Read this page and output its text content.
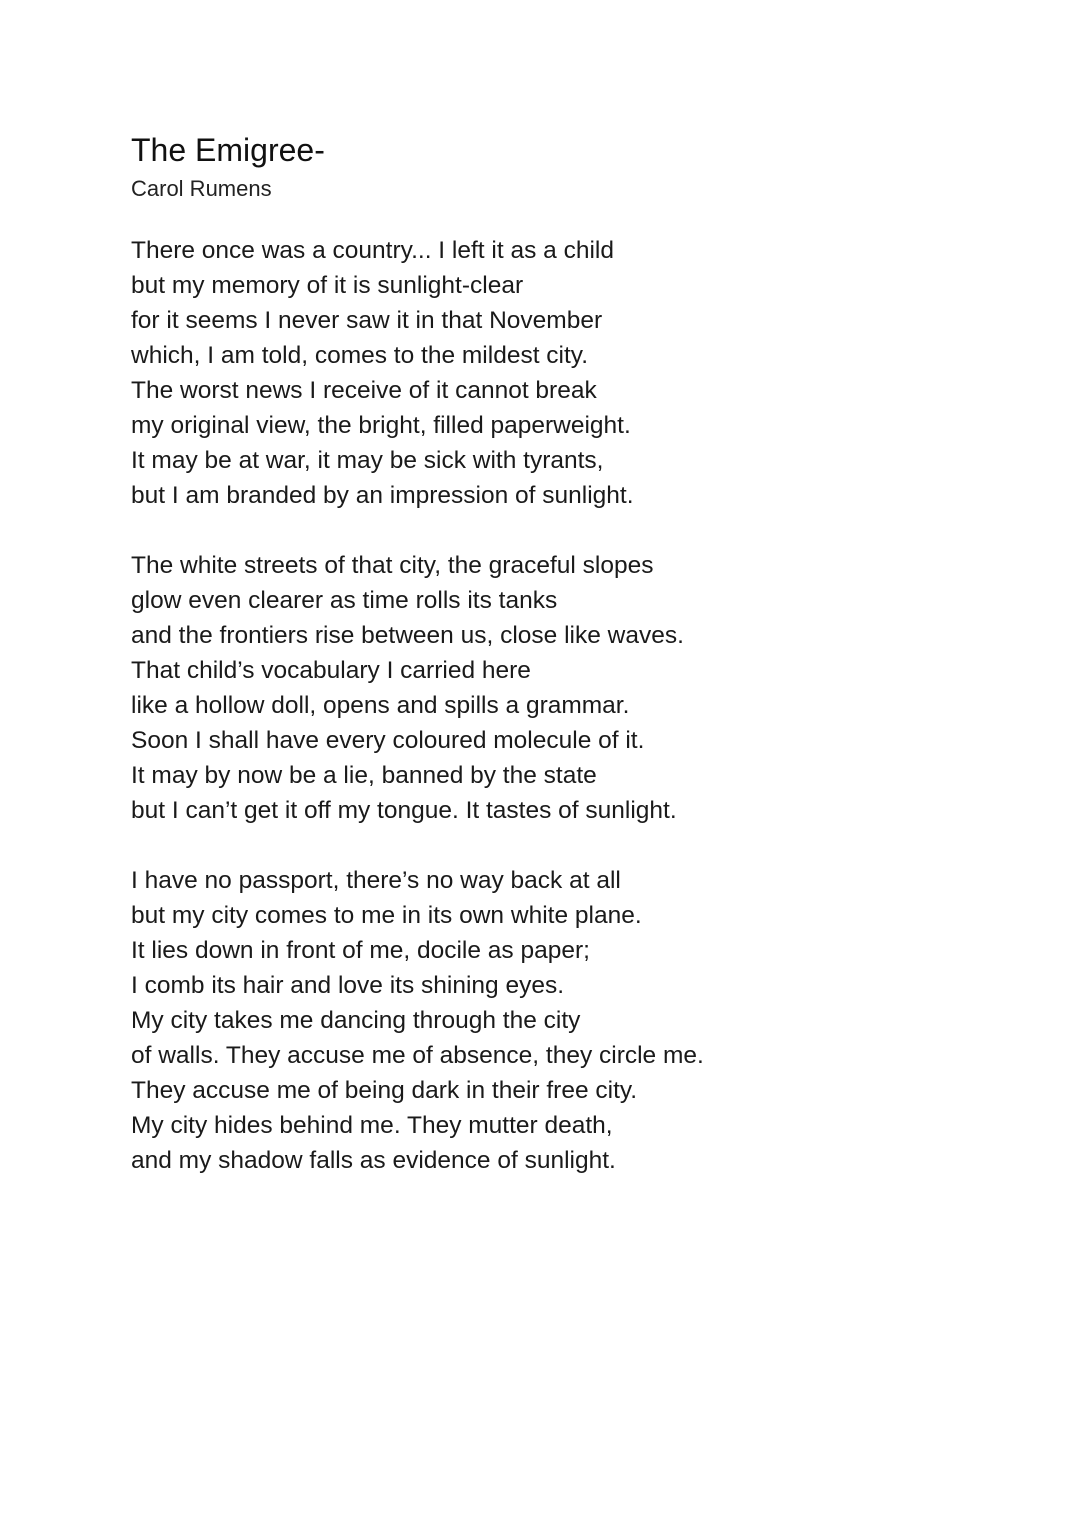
The Emigree-
Carol Rumens
There once was a country... I left it as a child
but my memory of it is sunlight-clear
for it seems I never saw it in that November
which, I am told, comes to the mildest city.
The worst news I receive of it cannot break
my original view, the bright, filled paperweight.
It may be at war, it may be sick with tyrants,
but I am branded by an impression of sunlight.
The white streets of that city, the graceful slopes
glow even clearer as time rolls its tanks
and the frontiers rise between us, close like waves.
That child’s vocabulary I carried here
like a hollow doll, opens and spills a grammar.
Soon I shall have every coloured molecule of it.
It may by now be a lie, banned by the state
but I can’t get it off my tongue. It tastes of sunlight.
I have no passport, there’s no way back at all
but my city comes to me in its own white plane.
It lies down in front of me, docile as paper;
I comb its hair and love its shining eyes.
My city takes me dancing through the city
of walls. They accuse me of absence, they circle me.
They accuse me of being dark in their free city.
My city hides behind me. They mutter death,
and my shadow falls as evidence of sunlight.
